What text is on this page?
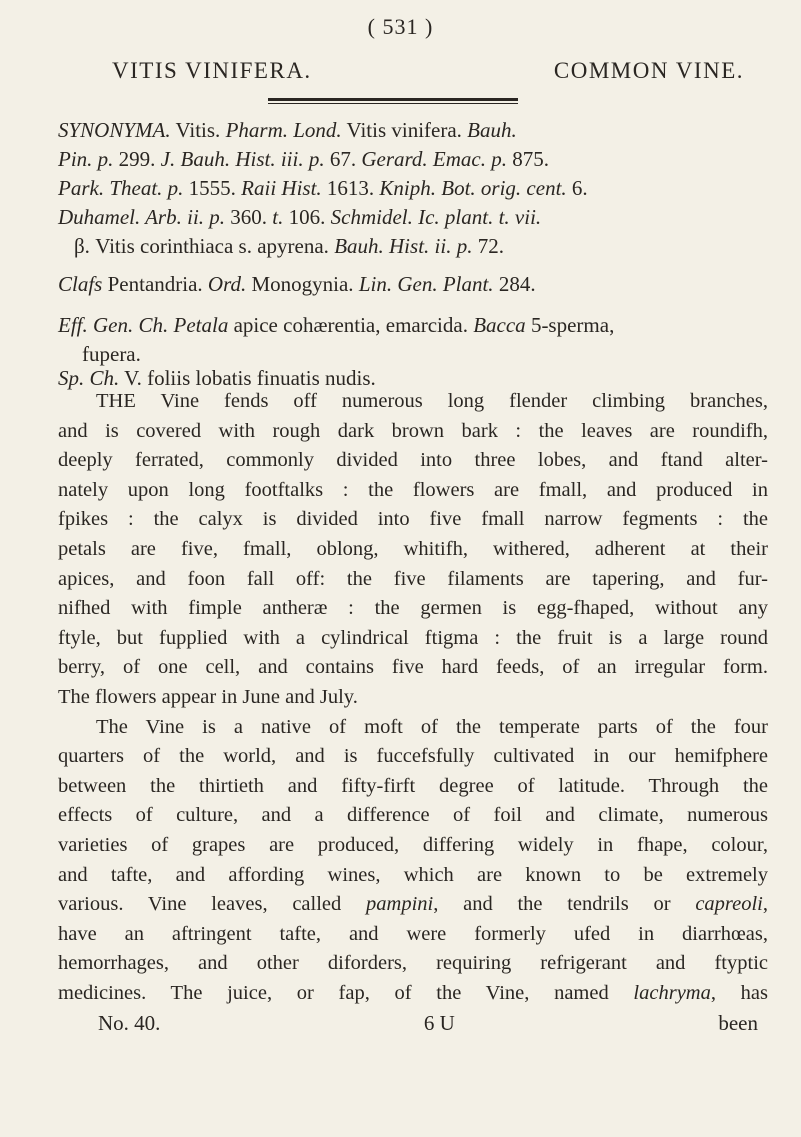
( 531 )
VITIS VINIFERA.	COMMON VINE.
SYNONYMA. Vitis. Pharm. Lond. Vitis vinifera. Bauh.
Pin. p. 299. J. Bauh. Hist. iii. p. 67. Gerard. Emac. p. 875.
Park. Theat. p. 1555. Raii Hist. 1613. Kniph. Bot. orig. cent. 6.
Duhamel. Arb. ii. p. 360. t. 106. Schmidel. Ic. plant. t. vii.
β. Vitis corinthiaca s. apyrena. Bauh. Hist. ii. p. 72.
Clafs Pentandria. Ord. Monogynia. Lin. Gen. Plant. 284.
Eff. Gen. Ch. Petala apice cohærentia, emarcida. Bacca 5-sperma,
fupera.
Sp. Ch. V. foliis lobatis finuatis nudis.
THE Vine fends off numerous long flender climbing branches,
and is covered with rough dark brown bark : the leaves are roundifh,
deeply ferrated, commonly divided into three lobes, and ftand alter-
nately upon long footftalks : the flowers are fmall, and produced in
fpikes : the calyx is divided into five fmall narrow fegments : the
petals are five, fmall, oblong, whitifh, withered, adherent at their
apices, and foon fall off: the five filaments are tapering, and fur-
nifhed with fimple antheræ : the germen is egg-fhaped, without any
ftyle, but fupplied with a cylindrical ftigma : the fruit is a large round
berry, of one cell, and contains five hard feeds, of an irregular form.
The flowers appear in June and July.
The Vine is a native of moft of the temperate parts of the four
quarters of the world, and is fuccefsfully cultivated in our hemifphere
between the thirtieth and fifty-firft degree of latitude. Through the
effects of culture, and a difference of foil and climate, numerous
varieties of grapes are produced, differing widely in fhape, colour,
and tafte, and affording wines, which are known to be extremely
various. Vine leaves, called pampini, and the tendrils or capreoli,
have an aftringent tafte, and were formerly ufed in diarrhœas,
hemorrhages, and other diforders, requiring refrigerant and ftyptic
medicines. The juice, or fap, of the Vine, named lachryma, has
No. 40.	6 U	been
